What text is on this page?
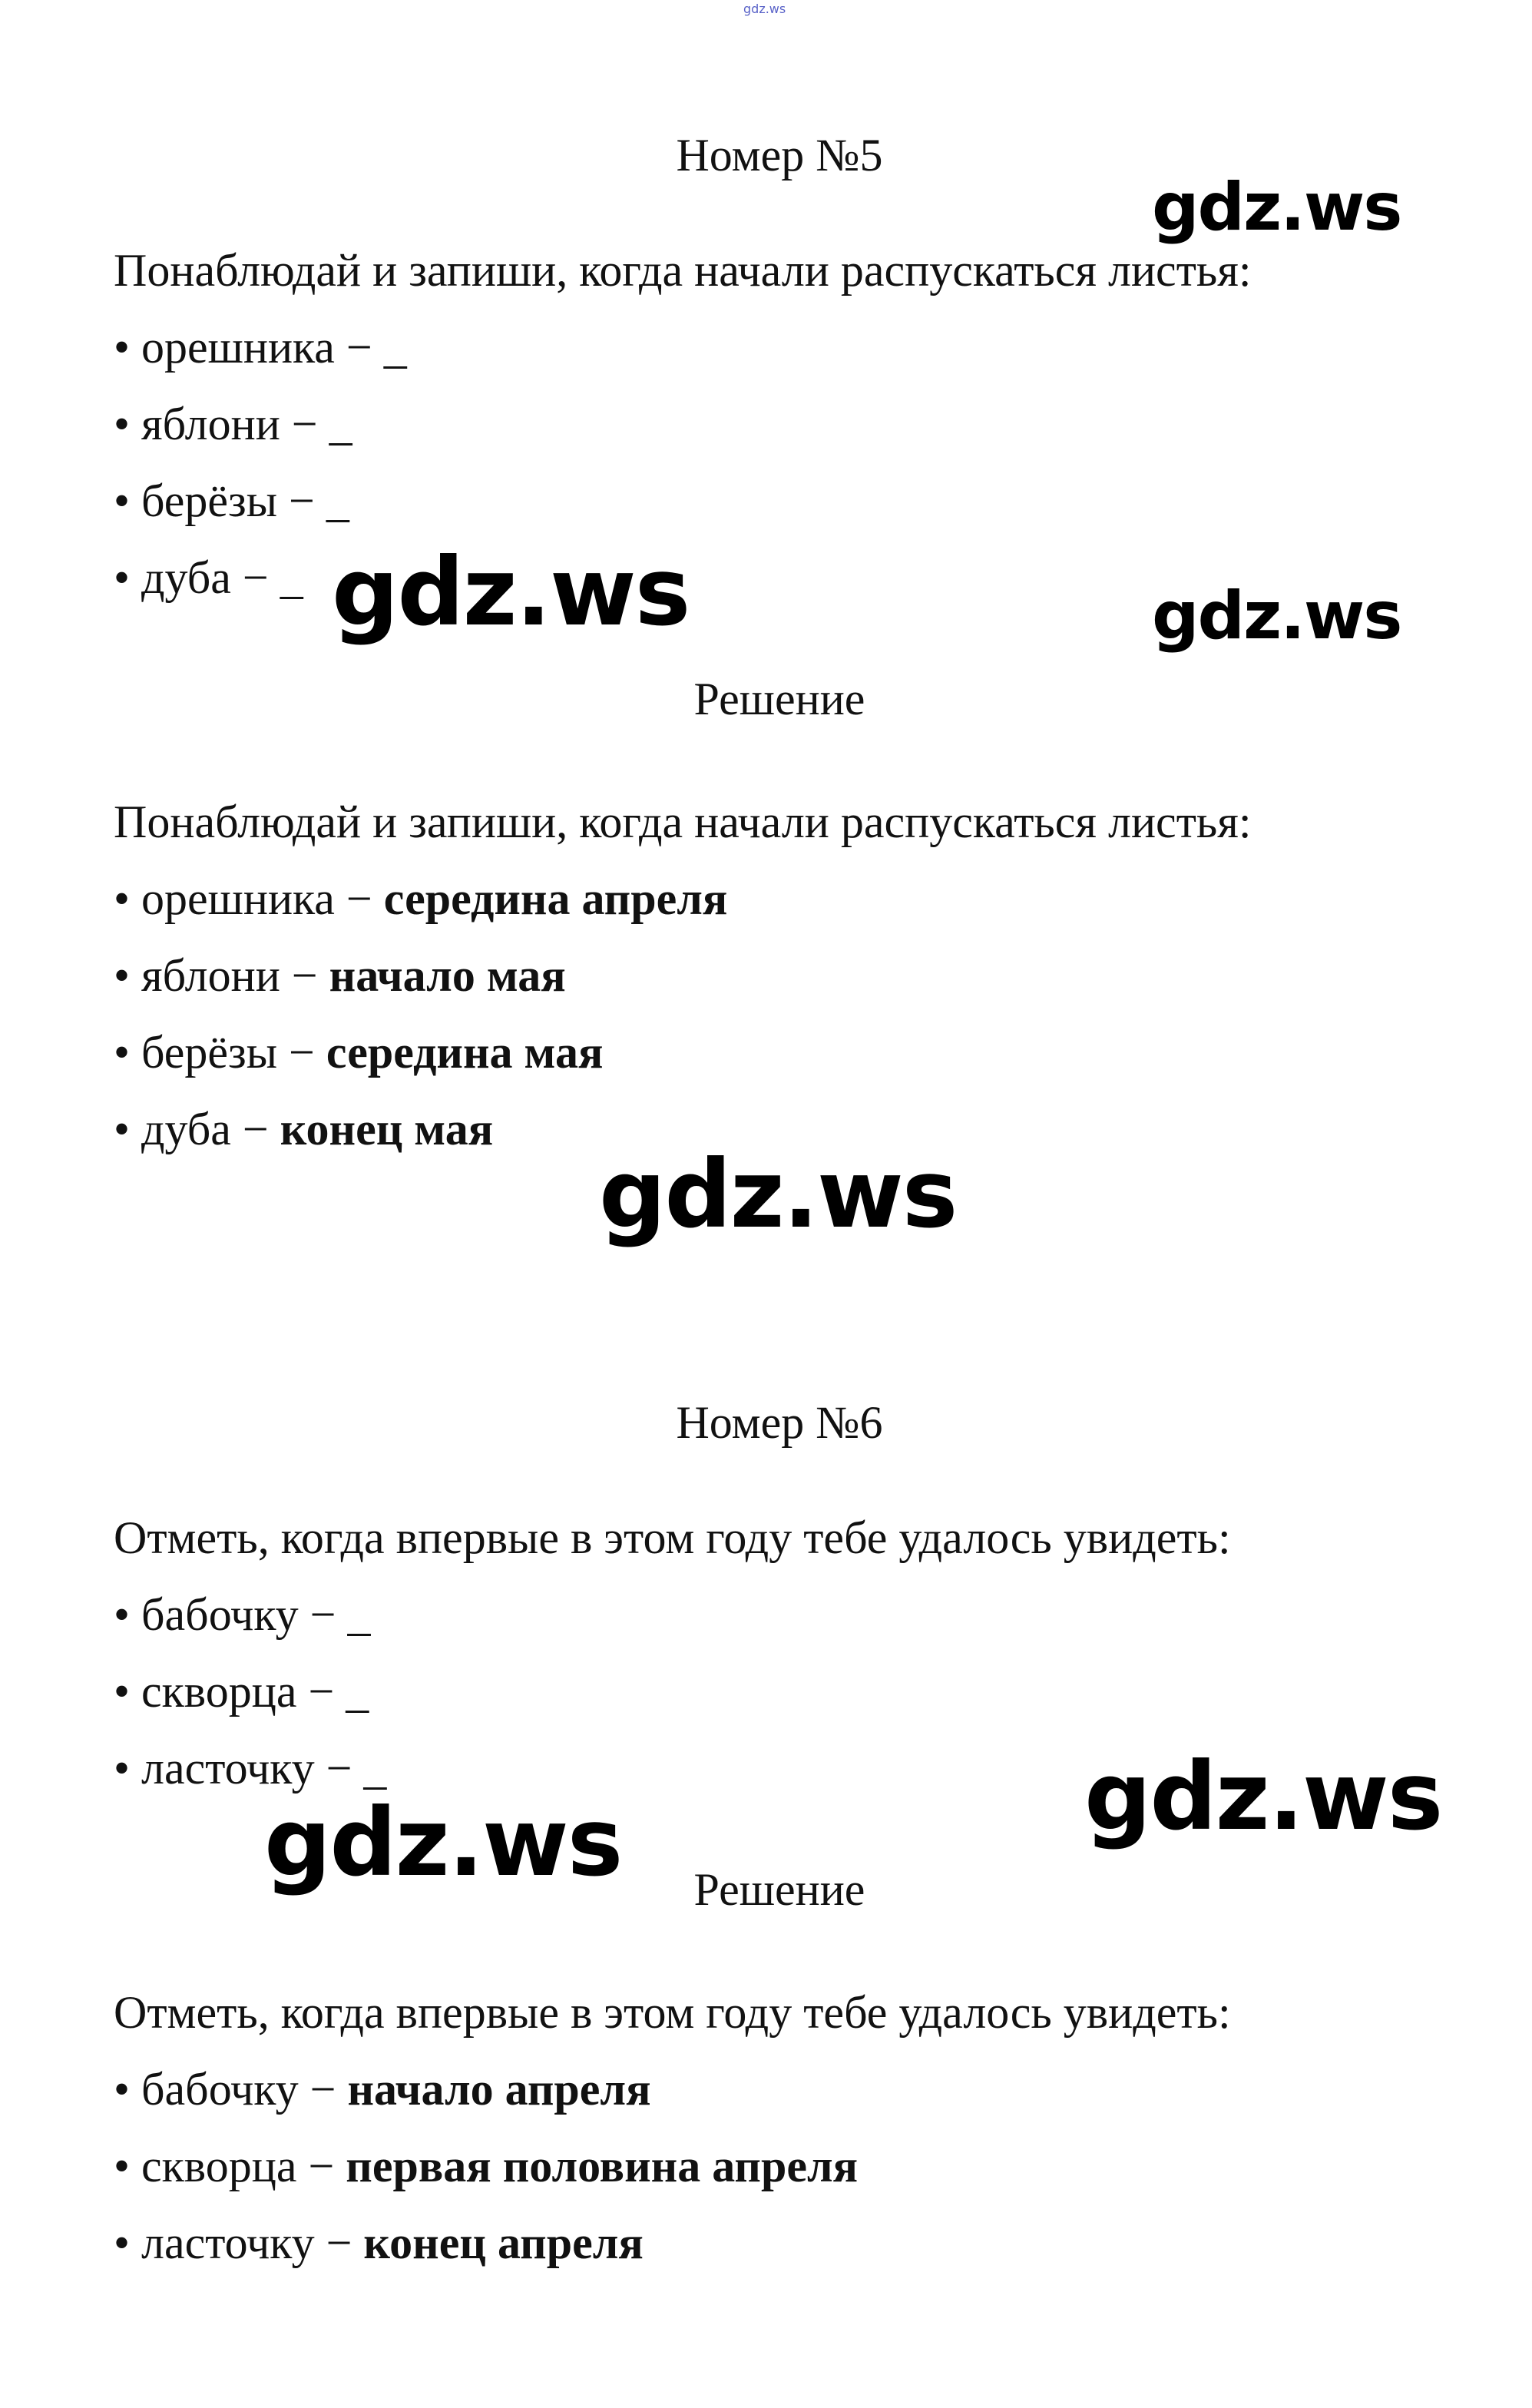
gdz.ws
Номер №5
Понаблюдай и запиши, когда начали распускаться листья:
• орешника − _
• яблони − _
• берёзы − _
• дуба − _
Решение
Понаблюдай и запиши, когда начали распускаться листья:
• орешника − середина апреля
• яблони − начало мая
• берёзы − середина мая
• дуба − конец мая
Номер №6
Отметь, когда впервые в этом году тебе удалось увидеть:
• бабочку − _
• скворца − _
• ласточку − _
Решение
Отметь, когда впервые в этом году тебе удалось увидеть:
• бабочку − начало апреля
• скворца − первая половина апреля
• ласточку − конец апреля
gdz.ws
gdz.ws	gdz.ws
gdz.ws
gdz.ws
gdz.ws
